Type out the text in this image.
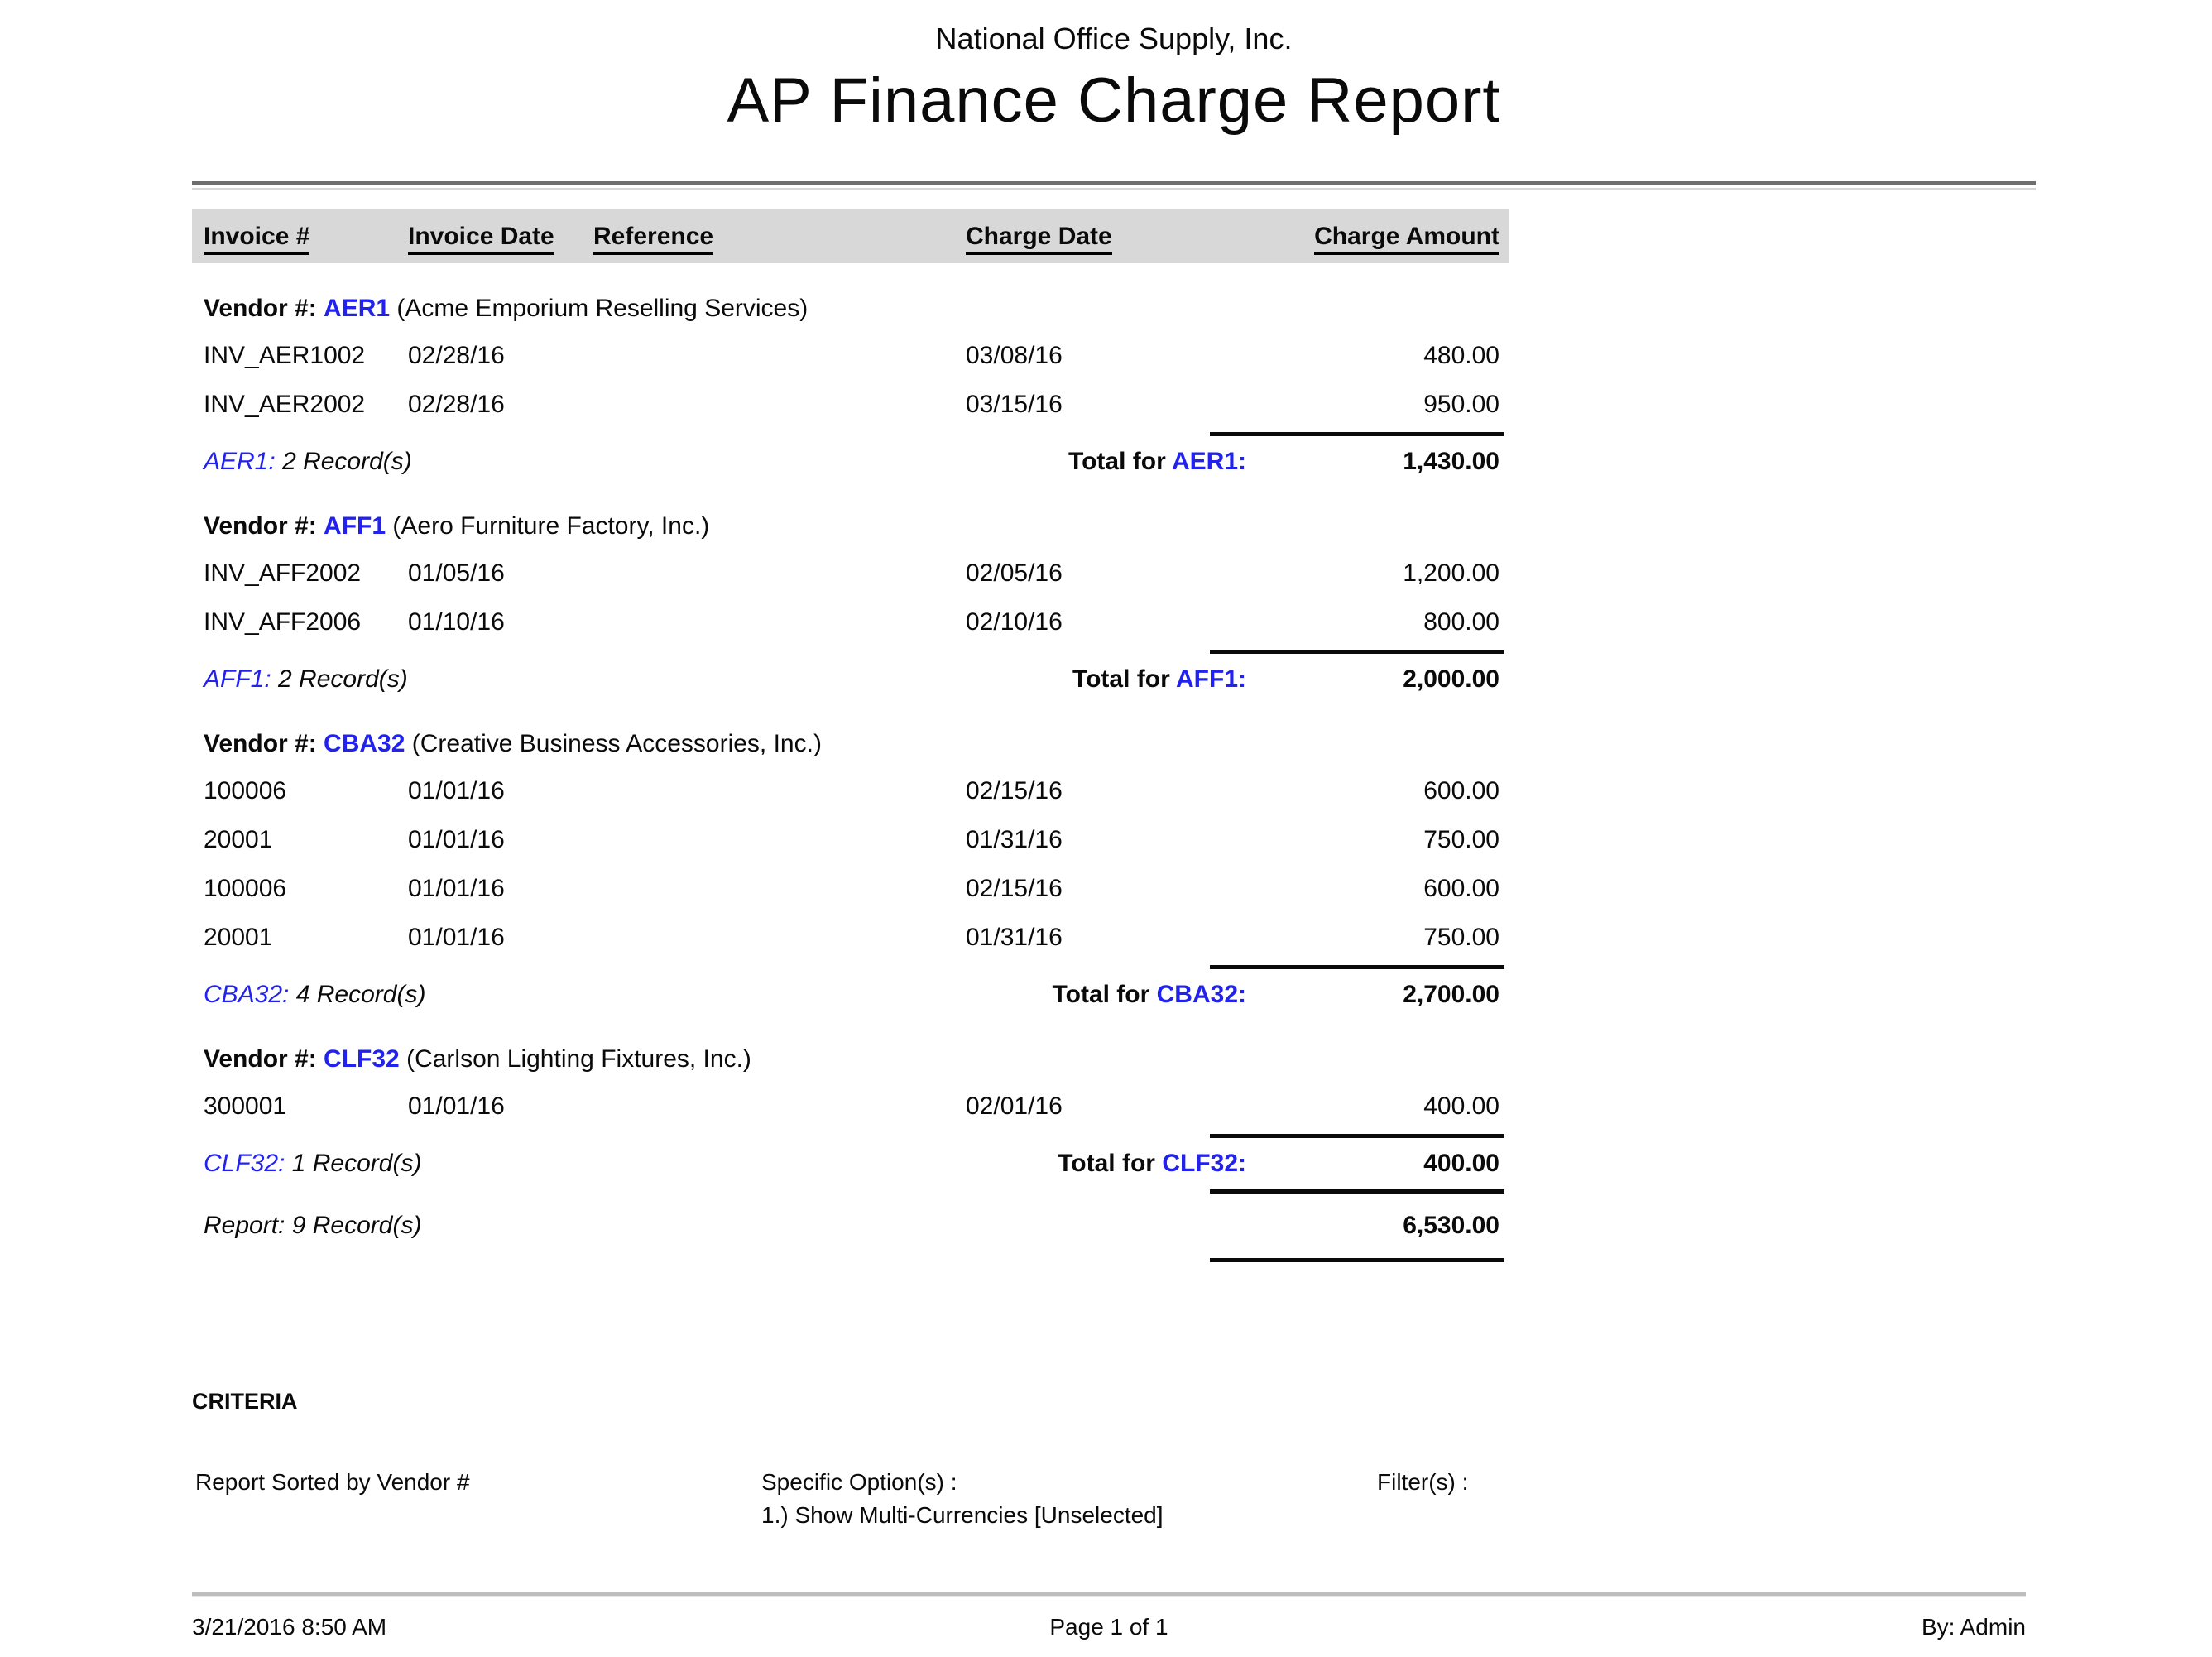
National Office Supply, Inc.
AP Finance Charge Report
Invoice #	Invoice Date Reference	Charge Date	Charge Amount
Vendor #: AER1 (Acme Emporium Reselling Services)
INV_AER1002 02/28/16	03/08/16	480.00
INV_AER2002 02/28/16	03/15/16	950.00
AER1: 2 Record(s)	Total for AER1:	1,430.00
Vendor #: AFF1 (Aero Furniture Factory, Inc.)
INV_AFF2002 01/05/16	02/05/16	1,200.00
INV_AFF2006 01/10/16	02/10/16	800.00
AFF1: 2 Record(s)	Total for AFF1:	2,000.00
Vendor #: CBA32 (Creative Business Accessories, Inc.)
100006	01/01/16	02/15/16	600.00
20001	01/01/16	01/31/16	750.00
100006	01/01/16	02/15/16	600.00
20001	01/01/16	01/31/16	750.00
CBA32: 4 Record(s)	Total for CBA32:	2,700.00
Vendor #: CLF32 (Carlson Lighting Fixtures, Inc.)
300001	01/01/16	02/01/16	400.00
CLF32: 1 Record(s)	Total for CLF32:	400.00
Report: 9 Record(s)	6,530.00
CRITERIA
Report Sorted by Vendor #	Specific Option(s) :
1.) Show Multi-Currencies [Unselected]
Filter(s) :
Page 1 of 1
3/21/2016 8:50 AM	By: Admin
